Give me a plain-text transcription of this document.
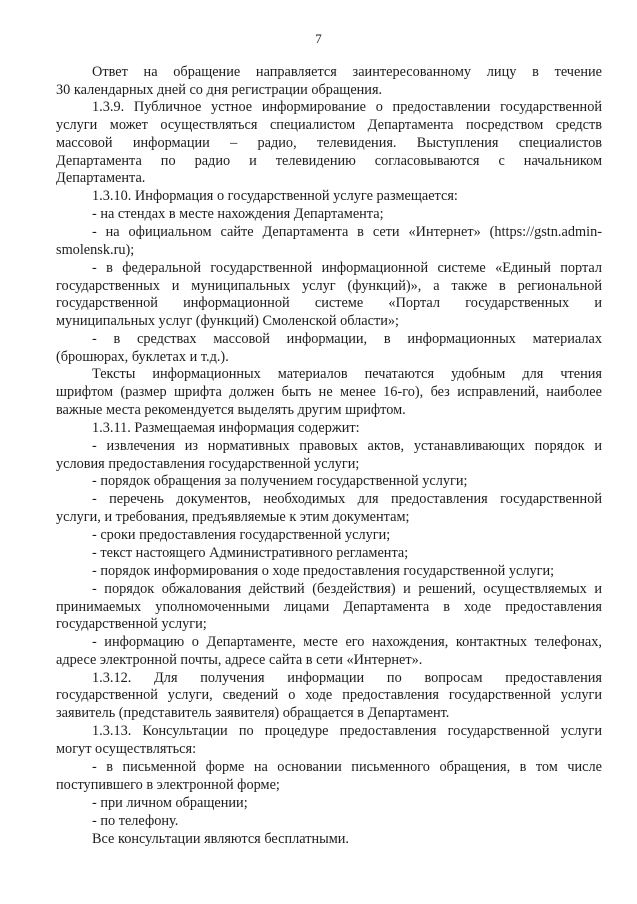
7
Ответ на обращение направляется заинтересованному лицу в течение
30 календарных дней со дня регистрации обращения.
1.3.9. Публичное устное информирование о предоставлении государственной
услуги может осуществляться специалистом Департамента посредством средств
массовой информации – радио, телевидения. Выступления специалистов
Департамента по радио и телевидению согласовываются с начальником
Департамента.
1.3.10. Информация о государственной услуге размещается:
- на стендах в месте нахождения Департамента;
- на официальном сайте Департамента в сети «Интернет» (https://gstn.admin-
smolensk.ru);
- в федеральной государственной информационной системе «Единый портал
государственных и муниципальных услуг (функций)», а также в региональной
государственной информационной системе «Портал государственных и
муниципальных услуг (функций) Смоленской области»;
- в средствах массовой информации, в информационных материалах
(брошюрах, буклетах и т.д.).
Тексты информационных материалов печатаются удобным для чтения
шрифтом (размер шрифта должен быть не менее 16-го), без исправлений, наиболее
важные места рекомендуется выделять другим шрифтом.
1.3.11. Размещаемая информация содержит:
- извлечения из нормативных правовых актов, устанавливающих порядок и
условия предоставления государственной услуги;
- порядок обращения за получением государственной услуги;
- перечень документов, необходимых для предоставления государственной
услуги, и требования, предъявляемые к этим документам;
- сроки предоставления государственной услуги;
- текст настоящего Административного регламента;
- порядок информирования о ходе предоставления государственной услуги;
- порядок обжалования действий (бездействия) и решений, осуществляемых и
принимаемых уполномоченными лицами Департамента в ходе предоставления
государственной услуги;
- информацию о Департаменте, месте его нахождения, контактных телефонах,
адресе электронной почты, адресе сайта в сети «Интернет».
1.3.12. Для получения информации по вопросам предоставления
государственной услуги, сведений о ходе предоставления государственной услуги
заявитель (представитель заявителя) обращается в Департамент.
1.3.13. Консультации по процедуре предоставления государственной услуги
могут осуществляться:
- в письменной форме на основании письменного обращения, в том числе
поступившего в электронной форме;
- при личном обращении;
- по телефону.
Все консультации являются бесплатными.
